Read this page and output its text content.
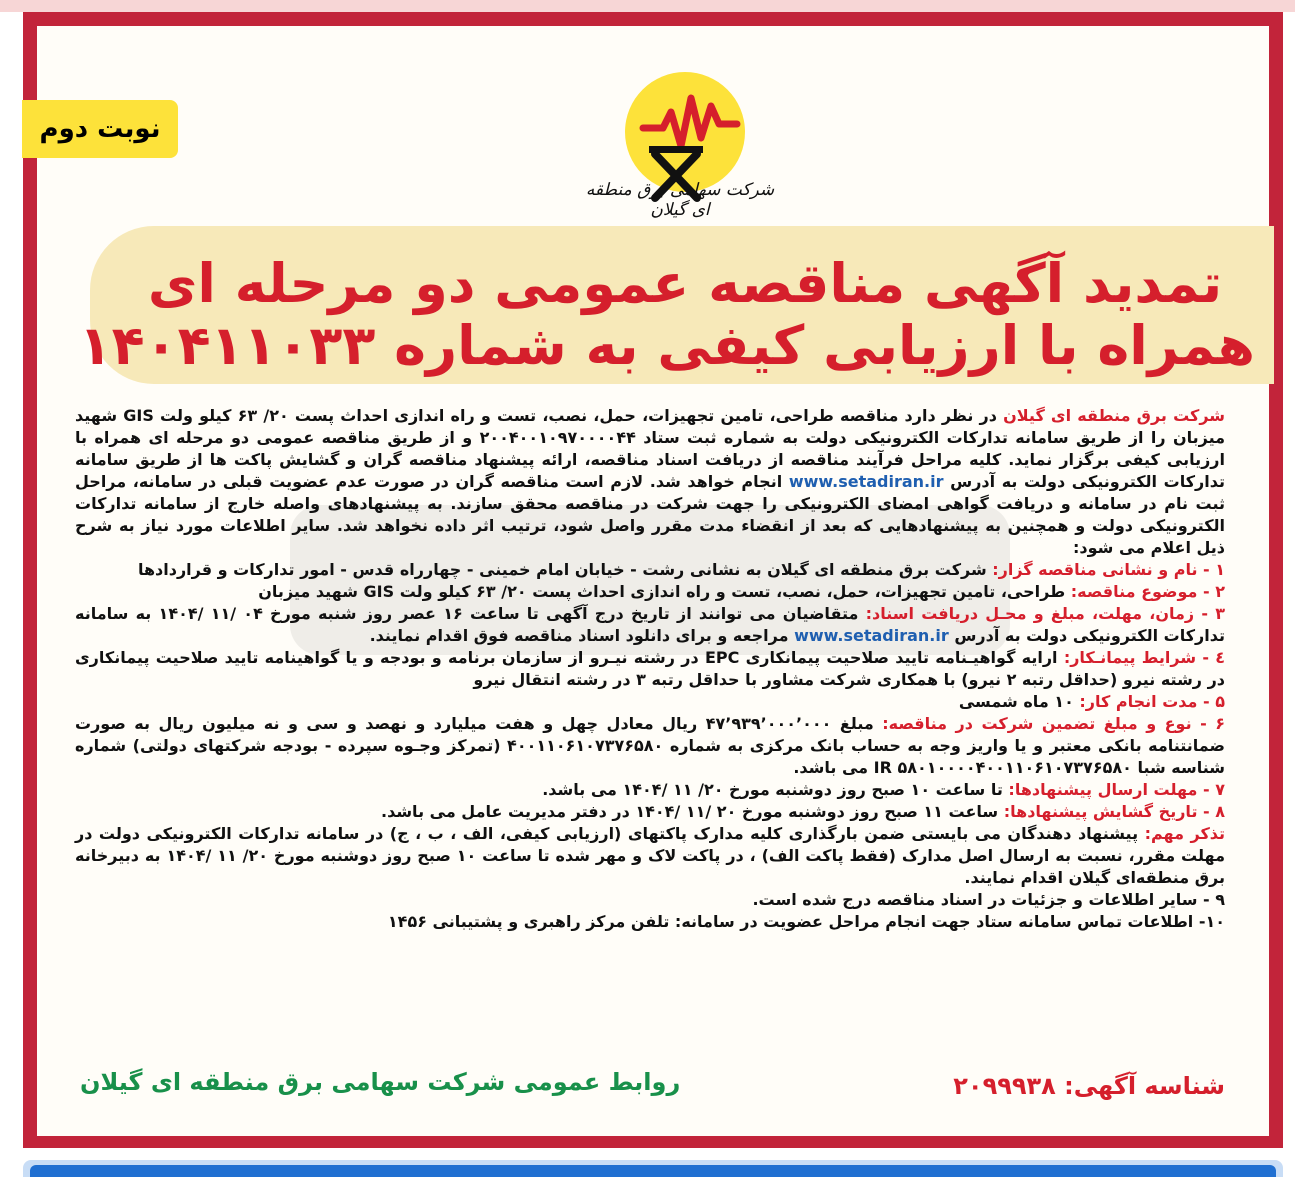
نوبت دوم
شرکت سهامی برق منطقه ای گیلان
تمدید آگهی مناقصه عمومی دو مرحله ای
همراه با ارزیابی کیفی به شماره ۱۴۰۴۱۱۰۳۳

شرکت برق منطقه ای گیلان در نظر دارد مناقصه طراحی، تامین تجهیزات، حمل، نصب، تست و راه اندازی احداث پست ۲۰/ ۶۳ کیلو ولت GIS شهید میزبان را از طریق سامانه تدارکات الکترونیکی دولت به شماره ثبت ستاد ۲۰۰۴۰۰۱۰۹۷۰۰۰۰۴۴ و از طریق مناقصه عمومی دو مرحله ای همراه با ارزیابی کیفی برگزار نماید. کلیه مراحل فرآیند مناقصه از دریافت اسناد مناقصه، ارائه پیشنهاد مناقصه گران و گشایش پاکت ها از طریق سامانه تدارکات الکترونیکی دولت به آدرس www.setadiran.ir انجام خواهد شد. لازم است مناقصه گران در صورت عدم عضویت قبلی در سامانه، مراحل ثبت نام در سامانه و دریافت گواهی امضای الکترونیکی را جهت شرکت در مناقصه محقق سازند. به پیشنهادهای واصله خارج از سامانه تدارکات الکترونیکی دولت و همچنین به پیشنهادهایی که بعد از انقضاء مدت مقرر واصل شود، ترتیب اثر داده نخواهد شد. سایر اطلاعات مورد نیاز به شرح ذیل اعلام می شود:

۱ - نام و نشانی مناقصه گزار: شرکت برق منطقه ای گیلان به نشانی رشت - خیابان امام خمینی - چهارراه قدس - امور تدارکات و قراردادها

۲ - موضوع مناقصه: طراحی، تامین تجهیزات، حمل، نصب، تست و راه اندازی احداث پست ۲۰/ ۶۳ کیلو ولت GIS شهید میزبان

۳ - زمان، مهلت، مبلغ و محـل دریافت اسناد: متقاضیان می توانند از تاریخ درج آگهی تا ساعت ۱۶ عصر روز شنبه مورخ ۰۴ /۱۱ /۱۴۰۴ به سامانه تدارکات الکترونیکی دولت به آدرس www.setadiran.ir مراجعه و برای دانلود اسناد مناقصه فوق اقدام نمایند.

٤ - شرایط پیمانـکار: ارایه گواهیـنامه تایید صلاحیت پیمانکاری EPC در رشته نیـرو از سازمان برنامه و بودجه و یا گواهینامه تایید صلاحیت پیمانکاری در رشته نیرو (حداقل رتبه ۲ نیرو) با همکاری شرکت مشاور با حداقل رتبه ۳ در رشته انتقال نیرو

۵ - مدت انجام کار: ۱۰ ماه شمسی

۶ - نوع و مبلغ تضمین شرکت در مناقصه: مبلغ ۴۷٬۹۳۹٬۰۰۰٬۰۰۰ ریال معادل چهل و هفت میلیارد و نهصد و سی و نه میلیون ریال به صورت ضمانتنامه بانکی معتبر و یا واریز وجه به حساب بانک مرکزی به شماره ۴۰۰۱۱۰۶۱۰۷۳۷۶۵۸۰ (تمرکز وجـوه سپرده - بودجه شرکتهای دولتی) شماره شناسه شبا IR ۵۸۰۱۰۰۰۰۴۰۰۱۱۰۶۱۰۷۳۷۶۵۸۰ می باشد.

۷ - مهلت ارسال پیشنهادها: تا ساعت ۱۰ صبح روز دوشنبه مورخ ۲۰/ ۱۱ /۱۴۰۴ می باشد.

۸ - تاریخ گشایش پیشنهادها: ساعت ۱۱ صبح روز دوشنبه مورخ ۲۰ /۱۱ /۱۴۰۴ در دفتر مدیریت عامل می باشد.

تذکر مهم: پیشنهاد دهندگان می بایستی ضمن بارگذاری کلیه مدارک پاکتهای (ارزیابی کیفی، الف ، ب ، ج) در سامانه تدارکات الکترونیکی دولت در مهلت مقرر، نسبت به ارسال اصل مدارک (فقط پاکت الف) ، در پاکت لاک و مهر شده تا ساعت ۱۰ صبح روز دوشنبه مورخ ۲۰/ ۱۱ /۱۴۰۴ به دبیرخانه برق منطقه‌ای گیلان اقدام نمایند.

۹ - سایر اطلاعات و جزئیات در اسناد مناقصه درج شده است.

۱۰- اطلاعات تماس سامانه ستاد جهت انجام مراحل عضویت در سامانه: تلفن مرکز راهبری و پشتیبانی ۱۴۵۶

شناسه آگهی: ۲۰۹۹۹۳۸
روابط عمومی شرکت سهامی برق منطقه ای گیلان
